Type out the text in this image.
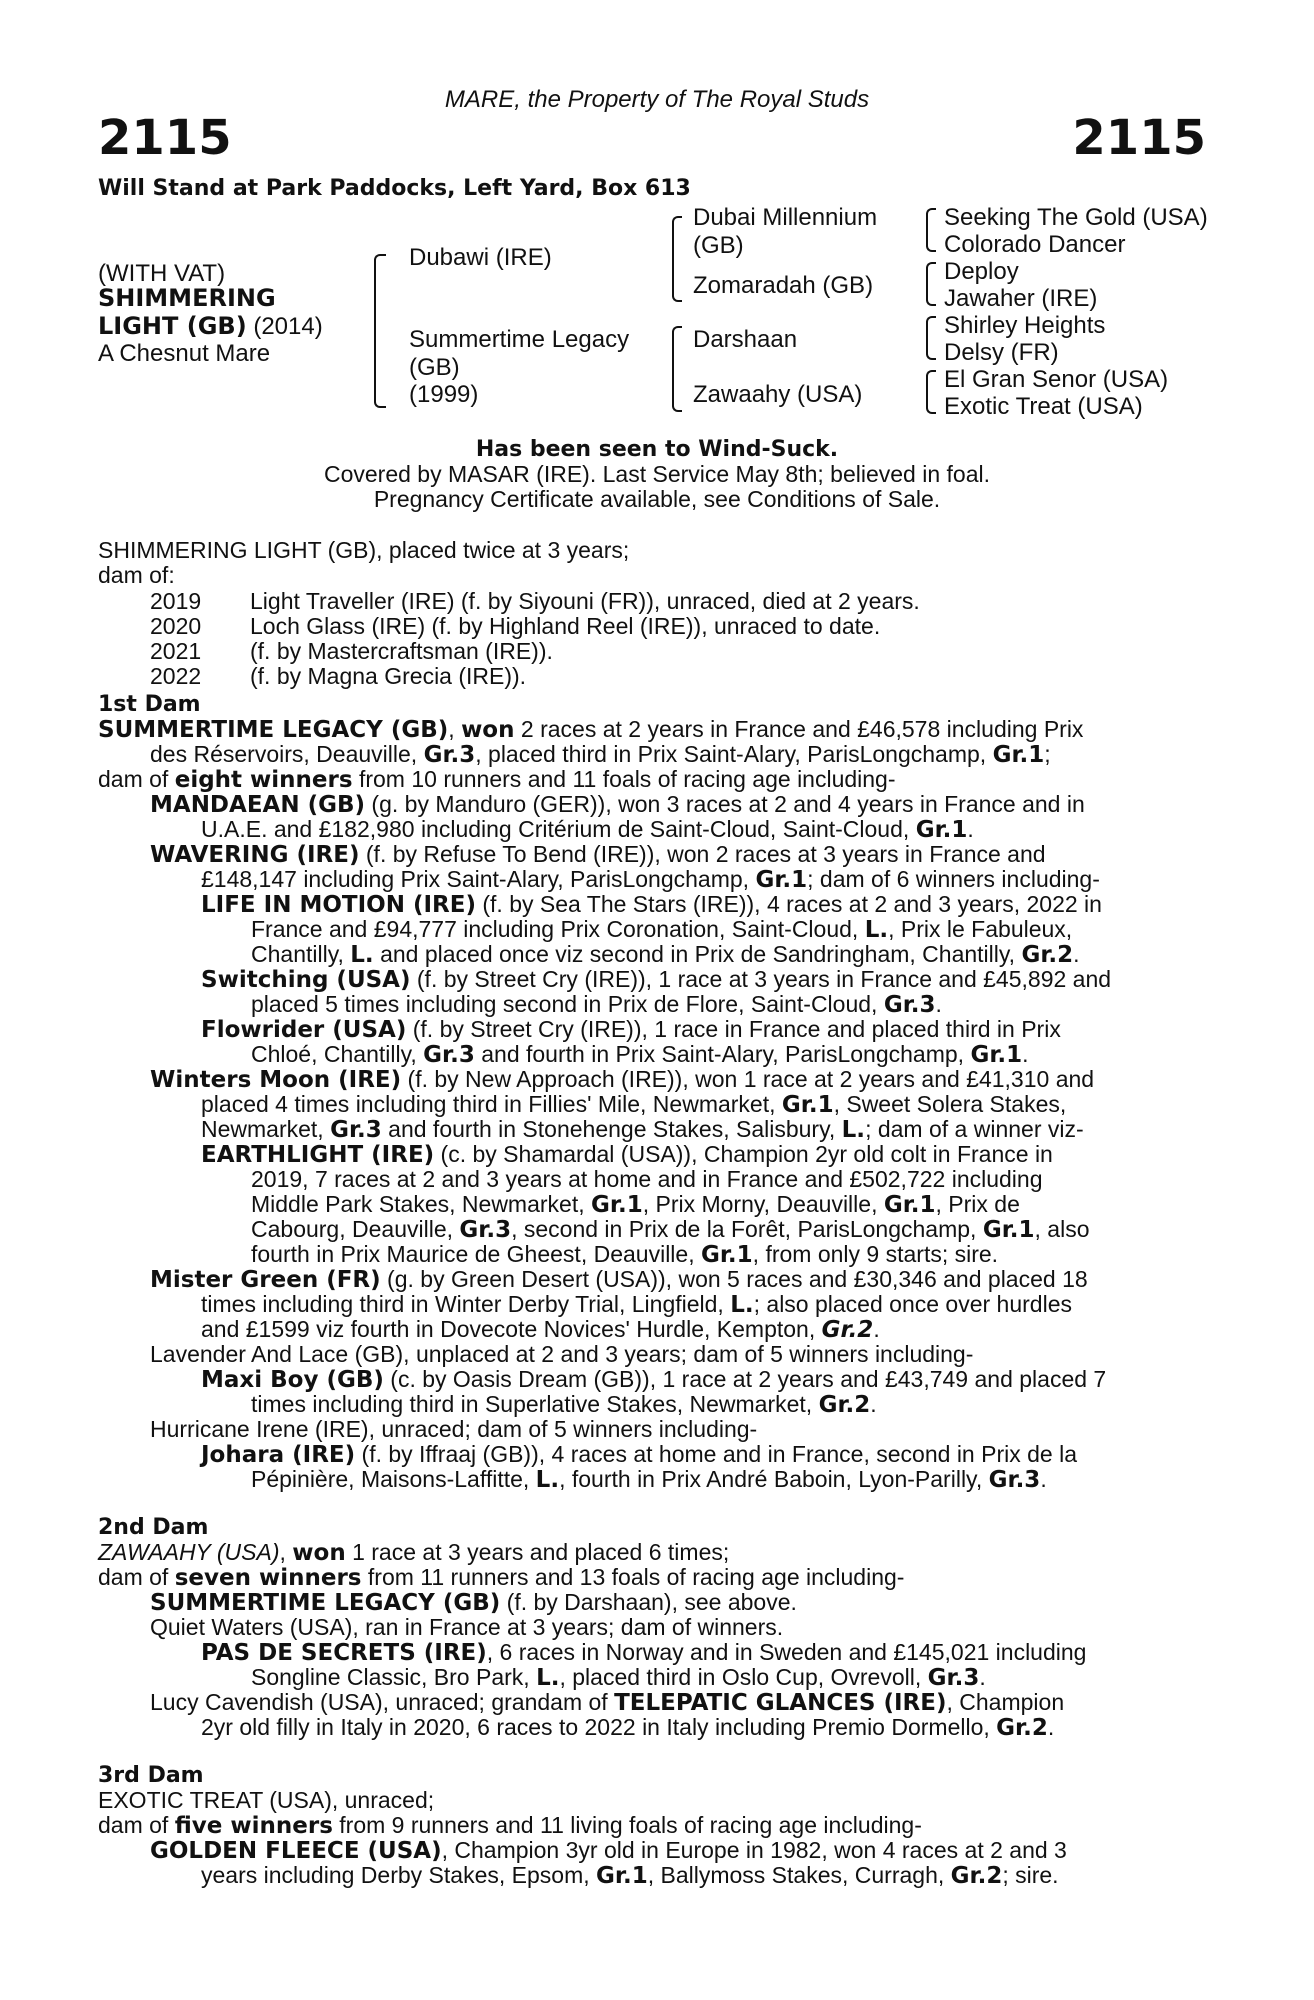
MARE, the Property of The Royal Studs
2115	2115
Will Stand at Park Paddocks, Left Yard, Box 613
(WITH VAT)
SHIMMERING
LIGHT (GB) (2014)
A Chesnut Mare
Dubawi (IRE)
Summertime Legacy
(GB)
(1999)
Dubai Millennium
(GB)
Zomaradah (GB)
Darshaan
Zawaahy (USA)
Seeking The Gold (USA)
Colorado Dancer
Deploy
Jawaher (IRE)
Shirley Heights
Delsy (FR)
El Gran Senor (USA)
Exotic Treat (USA)
Has been seen to Wind-Suck.
Covered by MASAR (IRE). Last Service May 8th; believed in foal.
Pregnancy Certificate available, see Conditions of Sale.
SHIMMERING LIGHT (GB), placed twice at 3 years;
dam of:
2019 Light Traveller (IRE) (f. by Siyouni (FR)), unraced, died at 2 years.
2020 Loch Glass (IRE) (f. by Highland Reel (IRE)), unraced to date.
2021 (f. by Mastercraftsman (IRE)).
2022 (f. by Magna Grecia (IRE)).
1st Dam
SUMMERTIME LEGACY (GB), won 2 races at 2 years in France and £46,578 including Prix
des Réservoirs, Deauville, Gr.3, placed third in Prix Saint-Alary, ParisLongchamp, Gr.1;
dam of eight winners from 10 runners and 11 foals of racing age including-
MANDAEAN (GB) (g. by Manduro (GER)), won 3 races at 2 and 4 years in France and in
U.A.E. and £182,980 including Critérium de Saint-Cloud, Saint-Cloud, Gr.1.
WAVERING (IRE) (f. by Refuse To Bend (IRE)), won 2 races at 3 years in France and
£148,147 including Prix Saint-Alary, ParisLongchamp, Gr.1; dam of 6 winners including-
LIFE IN MOTION (IRE) (f. by Sea The Stars (IRE)), 4 races at 2 and 3 years, 2022 in
France and £94,777 including Prix Coronation, Saint-Cloud, L., Prix le Fabuleux,
Chantilly, L. and placed once viz second in Prix de Sandringham, Chantilly, Gr.2.
Switching (USA) (f. by Street Cry (IRE)), 1 race at 3 years in France and £45,892 and
placed 5 times including second in Prix de Flore, Saint-Cloud, Gr.3.
Flowrider (USA) (f. by Street Cry (IRE)), 1 race in France and placed third in Prix
Chloé, Chantilly, Gr.3 and fourth in Prix Saint-Alary, ParisLongchamp, Gr.1.
Winters Moon (IRE) (f. by New Approach (IRE)), won 1 race at 2 years and £41,310 and
placed 4 times including third in Fillies' Mile, Newmarket, Gr.1, Sweet Solera Stakes,
Newmarket, Gr.3 and fourth in Stonehenge Stakes, Salisbury, L.; dam of a winner viz-
EARTHLIGHT (IRE) (c. by Shamardal (USA)), Champion 2yr old colt in France in
2019, 7 races at 2 and 3 years at home and in France and £502,722 including
Middle Park Stakes, Newmarket, Gr.1, Prix Morny, Deauville, Gr.1, Prix de
Cabourg, Deauville, Gr.3, second in Prix de la Forêt, ParisLongchamp, Gr.1, also
fourth in Prix Maurice de Gheest, Deauville, Gr.1, from only 9 starts; sire.
Mister Green (FR) (g. by Green Desert (USA)), won 5 races and £30,346 and placed 18
times including third in Winter Derby Trial, Lingfield, L.; also placed once over hurdles
and £1599 viz fourth in Dovecote Novices' Hurdle, Kempton, Gr.2.
Lavender And Lace (GB), unplaced at 2 and 3 years; dam of 5 winners including-
Maxi Boy (GB) (c. by Oasis Dream (GB)), 1 race at 2 years and £43,749 and placed 7
times including third in Superlative Stakes, Newmarket, Gr.2.
Hurricane Irene (IRE), unraced; dam of 5 winners including-
Johara (IRE) (f. by Iffraaj (GB)), 4 races at home and in France, second in Prix de la
Pépinière, Maisons-Laffitte, L., fourth in Prix André Baboin, Lyon-Parilly, Gr.3.
2nd Dam
ZAWAAHY (USA), won 1 race at 3 years and placed 6 times;
dam of seven winners from 11 runners and 13 foals of racing age including-
SUMMERTIME LEGACY (GB) (f. by Darshaan), see above.
Quiet Waters (USA), ran in France at 3 years; dam of winners.
PAS DE SECRETS (IRE), 6 races in Norway and in Sweden and £145,021 including
Songline Classic, Bro Park, L., placed third in Oslo Cup, Ovrevoll, Gr.3.
Lucy Cavendish (USA), unraced; grandam of TELEPATIC GLANCES (IRE), Champion
2yr old filly in Italy in 2020, 6 races to 2022 in Italy including Premio Dormello, Gr.2.
3rd Dam
EXOTIC TREAT (USA), unraced;
dam of five winners from 9 runners and 11 living foals of racing age including-
GOLDEN FLEECE (USA), Champion 3yr old in Europe in 1982, won 4 races at 2 and 3
years including Derby Stakes, Epsom, Gr.1, Ballymoss Stakes, Curragh, Gr.2; sire.
